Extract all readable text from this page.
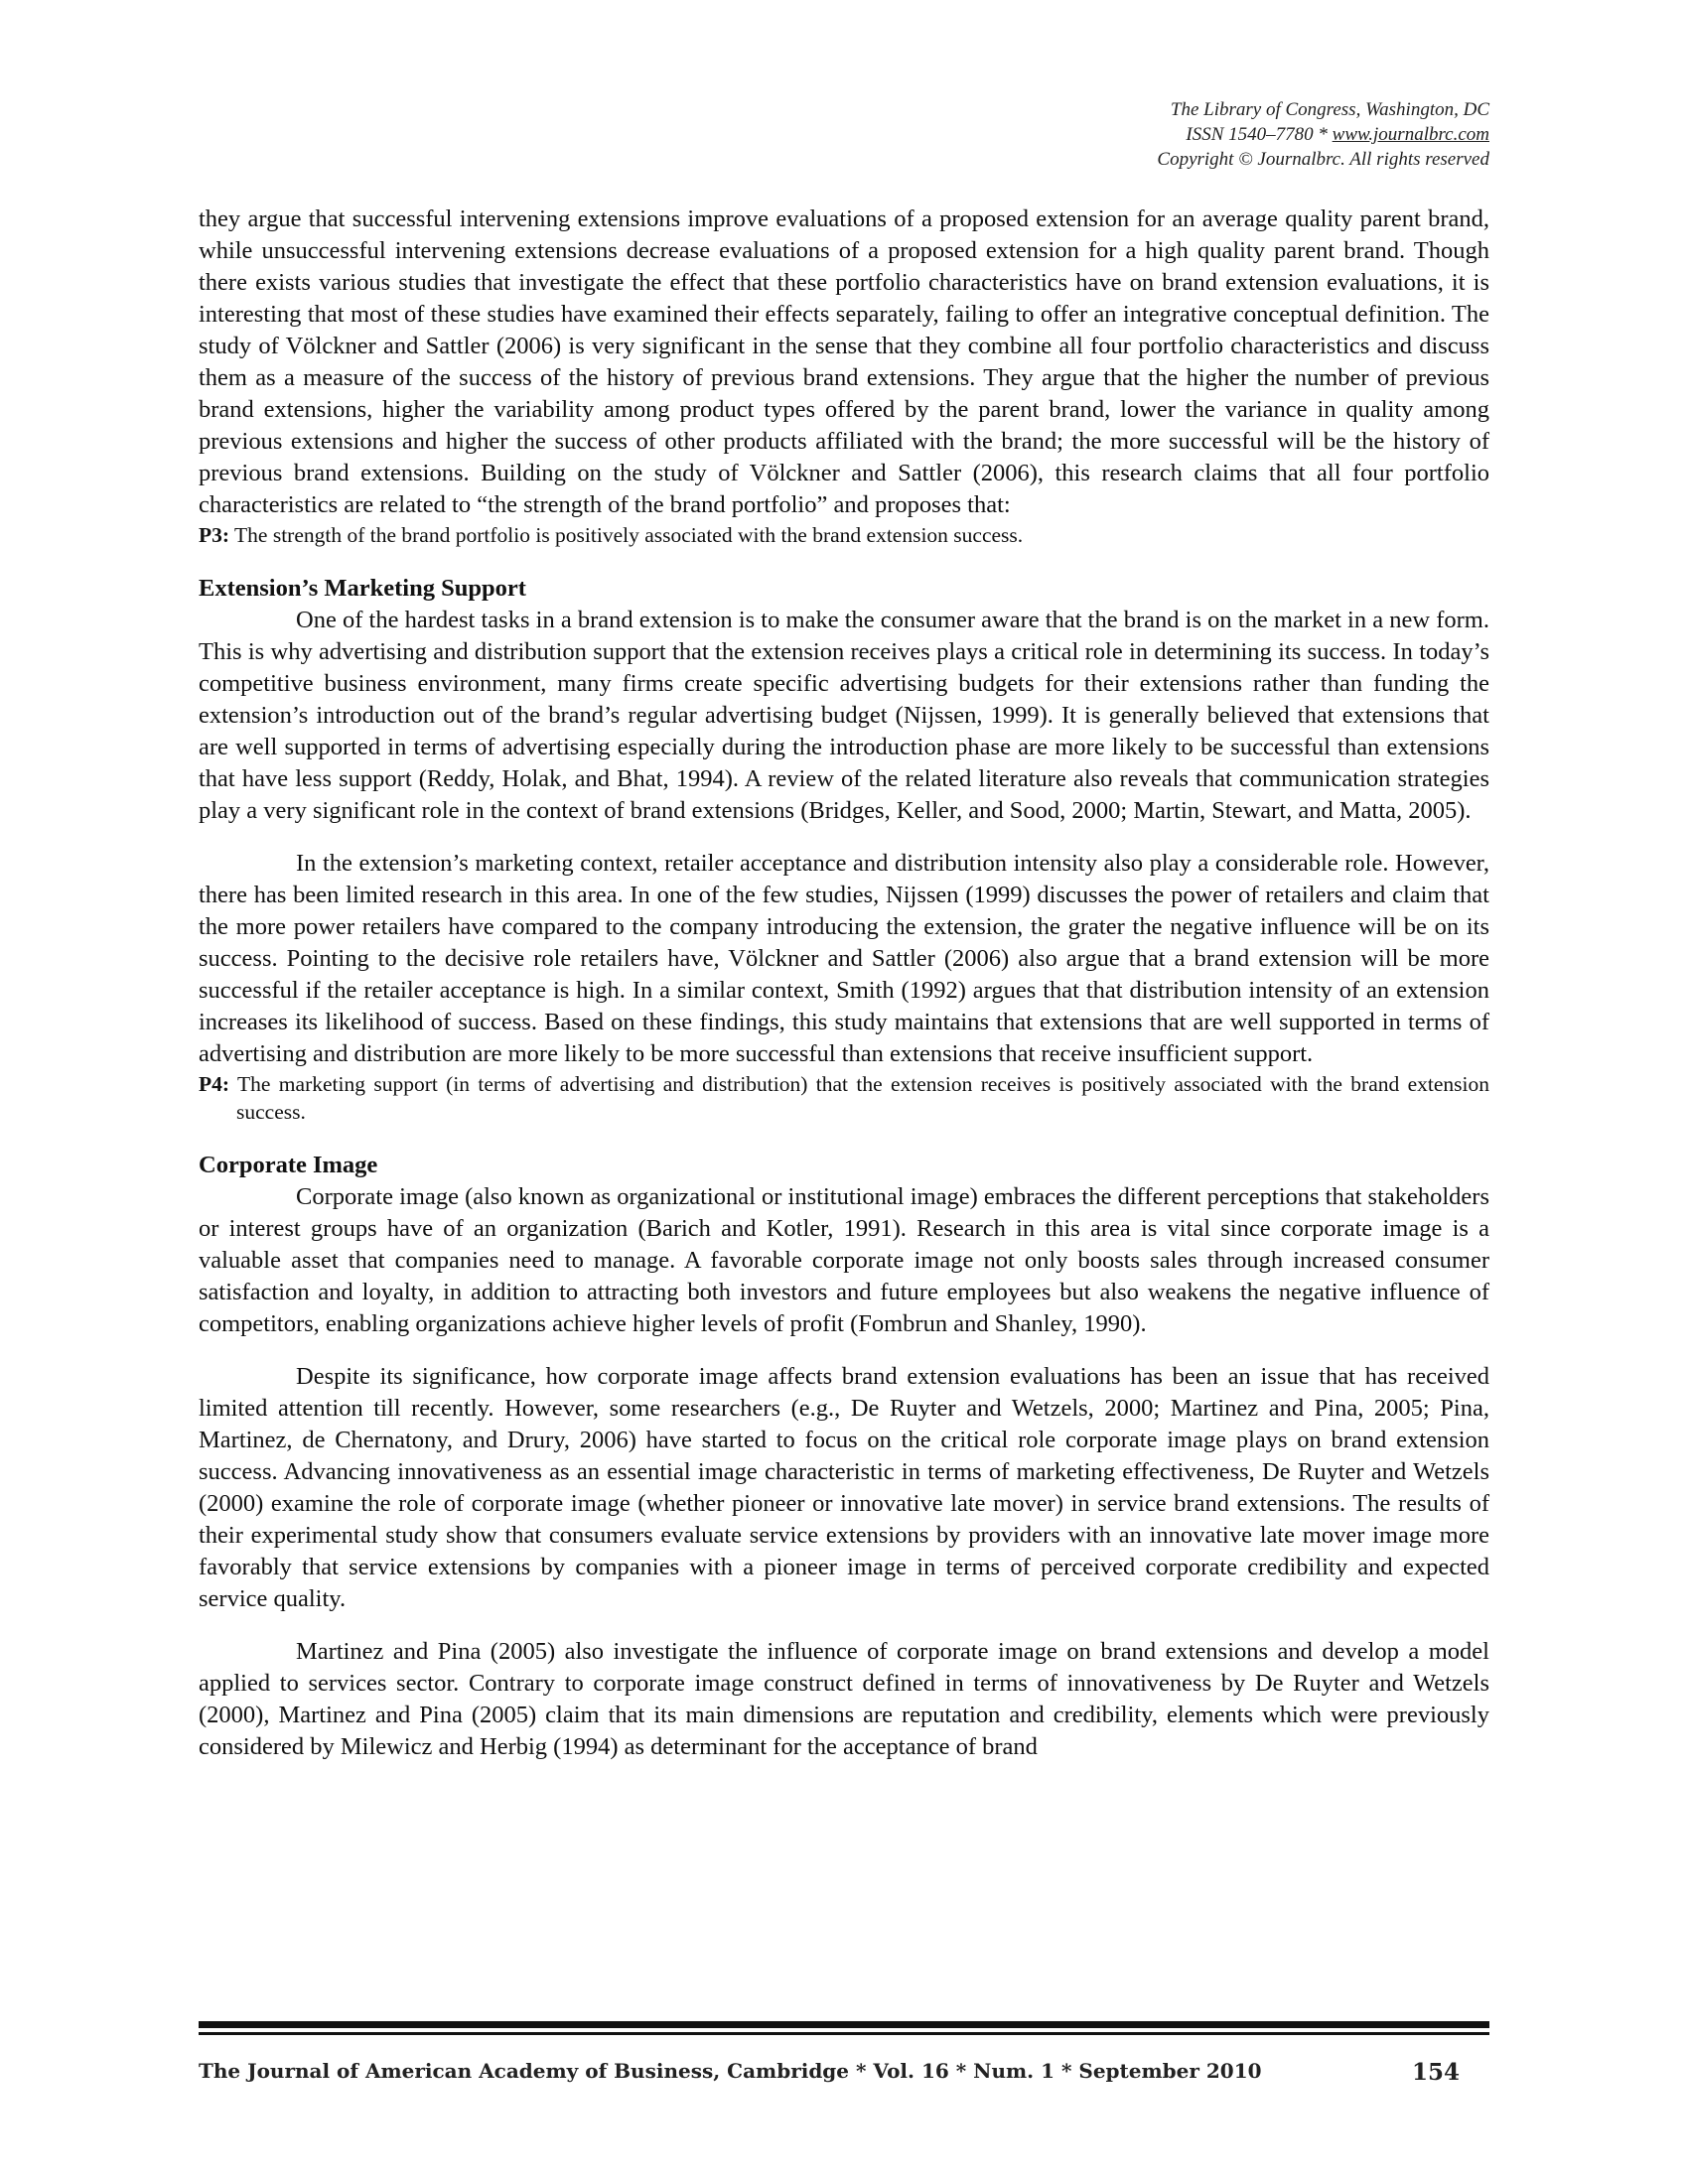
The Library of Congress, Washington, DC
ISSN 1540–7780 * www.journalbrc.com
Copyright © Journalbrc. All rights reserved

they argue that successful intervening extensions improve evaluations of a proposed extension for an average quality parent brand, while unsuccessful intervening extensions decrease evaluations of a proposed extension for a high quality parent brand. Though there exists various studies that investigate the effect that these portfolio characteristics have on brand extension evaluations, it is interesting that most of these studies have examined their effects separately, failing to offer an integrative conceptual definition. The study of Völckner and Sattler (2006) is very significant in the sense that they combine all four portfolio characteristics and discuss them as a measure of the success of the history of previous brand extensions. They argue that the higher the number of previous brand extensions, higher the variability among product types offered by the parent brand, lower the variance in quality among previous extensions and higher the success of other products affiliated with the brand; the more successful will be the history of previous brand extensions. Building on the study of Völckner and Sattler (2006), this research claims that all four portfolio characteristics are related to “the strength of the brand portfolio” and proposes that:

P3: The strength of the brand portfolio is positively associated with the brand extension success.

Extension’s Marketing Support

One of the hardest tasks in a brand extension is to make the consumer aware that the brand is on the market in a new form. This is why advertising and distribution support that the extension receives plays a critical role in determining its success. In today’s competitive business environment, many firms create specific advertising budgets for their extensions rather than funding the extension’s introduction out of the brand’s regular advertising budget (Nijssen, 1999). It is generally believed that extensions that are well supported in terms of advertising especially during the introduction phase are more likely to be successful than extensions that have less support (Reddy, Holak, and Bhat, 1994). A review of the related literature also reveals that communication strategies play a very significant role in the context of brand extensions (Bridges, Keller, and Sood, 2000; Martin, Stewart, and Matta, 2005).

In the extension’s marketing context, retailer acceptance and distribution intensity also play a considerable role. However, there has been limited research in this area. In one of the few studies, Nijssen (1999) discusses the power of retailers and claim that the more power retailers have compared to the company introducing the extension, the grater the negative influence will be on its success. Pointing to the decisive role retailers have, Völckner and Sattler (2006) also argue that a brand extension will be more successful if the retailer acceptance is high. In a similar context, Smith (1992) argues that that distribution intensity of an extension increases its likelihood of success. Based on these findings, this study maintains that extensions that are well supported in terms of advertising and distribution are more likely to be more successful than extensions that receive insufficient support.

P4: The marketing support (in terms of advertising and distribution) that the extension receives is positively associated with the brand extension success.

Corporate Image

Corporate image (also known as organizational or institutional image) embraces the different perceptions that stakeholders or interest groups have of an organization (Barich and Kotler, 1991). Research in this area is vital since corporate image is a valuable asset that companies need to manage. A favorable corporate image not only boosts sales through increased consumer satisfaction and loyalty, in addition to attracting both investors and future employees but also weakens the negative influence of competitors, enabling organizations achieve higher levels of profit (Fombrun and Shanley, 1990).

Despite its significance, how corporate image affects brand extension evaluations has been an issue that has received limited attention till recently. However, some researchers (e.g., De Ruyter and Wetzels, 2000; Martinez and Pina, 2005; Pina, Martinez, de Chernatony, and Drury, 2006) have started to focus on the critical role corporate image plays on brand extension success. Advancing innovativeness as an essential image characteristic in terms of marketing effectiveness, De Ruyter and Wetzels (2000) examine the role of corporate image (whether pioneer or innovative late mover) in service brand extensions. The results of their experimental study show that consumers evaluate service extensions by providers with an innovative late mover image more favorably that service extensions by companies with a pioneer image in terms of perceived corporate credibility and expected service quality.

Martinez and Pina (2005) also investigate the influence of corporate image on brand extensions and develop a model applied to services sector. Contrary to corporate image construct defined in terms of innovativeness by De Ruyter and Wetzels (2000), Martinez and Pina (2005) claim that its main dimensions are reputation and credibility, elements which were previously considered by Milewicz and Herbig (1994) as determinant for the acceptance of brand

The Journal of American Academy of Business, Cambridge * Vol. 16 * Num. 1 * September 2010	154
